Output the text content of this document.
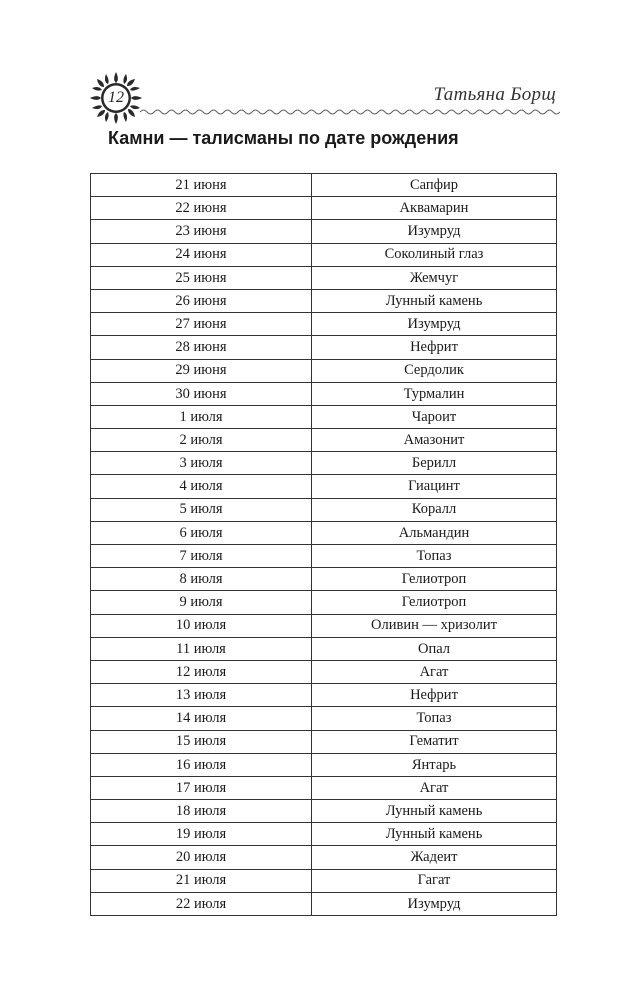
12	Татьяна Борщ
Камни — талисманы по дате рождения
21 июня	Сапфир
22 июня	Аквамарин
23 июня	Изумруд
24 июня	Соколиный глаз
25 июня	Жемчуг
26 июня	Лунный камень
27 июня	Изумруд
28 июня	Нефрит
29 июня	Сердолик
30 июня	Турмалин
1 июля	Чароит
2 июля	Амазонит
3 июля	Берилл
4 июля	Гиацинт
5 июля	Коралл
6 июля	Альмандин
7 июля	Топаз
8 июля	Гелиотроп
9 июля	Гелиотроп
10 июля	Оливин — хризолит
11 июля	Опал
12 июля	Агат
13 июля	Нефрит
14 июля	Топаз
15 июля	Гематит
16 июля	Янтарь
17 июля	Агат
18 июля	Лунный камень
19 июля	Лунный камень
20 июля	Жадеит
21 июля	Гагат
22 июля	Изумруд
